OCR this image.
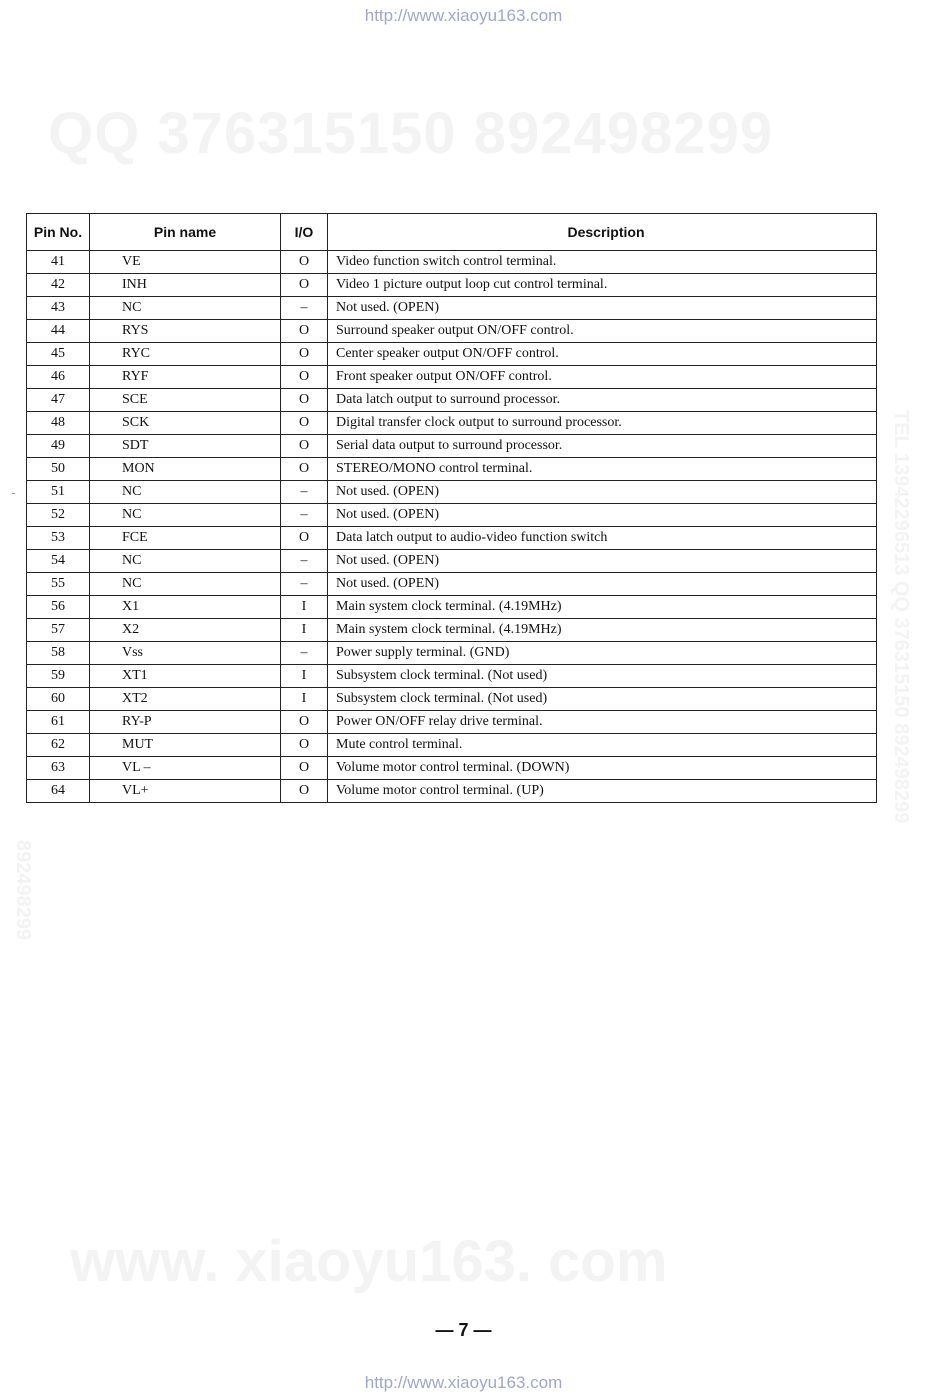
http://www.xiaoyu163.com
QQ 376315150 892498299
TEL 13942296513 QQ 376315150 892498299
892498299
www. xiaoyu163. com
Pin No.	Pin name	I/O	Description
41	VE	O	Video function switch control terminal.
42	INH	O	Video 1 picture output loop cut control terminal.
43	NC	–	Not used. (OPEN)
44	RYS	O	Surround speaker output ON/OFF control.
45	RYC	O	Center speaker output ON/OFF control.
46	RYF	O	Front speaker output ON/OFF control.
47	SCE	O	Data latch output to surround processor.
48	SCK	O	Digital transfer clock output to surround processor.
49	SDT	O	Serial data output to surround processor.
50	MON	O	STEREO/MONO control terminal.
51	NC	–	Not used. (OPEN)
52	NC	–	Not used. (OPEN)
53	FCE	O	Data latch output to audio-video function switch
54	NC	–	Not used. (OPEN)
55	NC	–	Not used. (OPEN)
56	X1	I	Main system clock terminal. (4.19MHz)
57	X2	I	Main system clock terminal. (4.19MHz)
58	Vss	–	Power supply terminal. (GND)
59	XT1	I	Subsystem clock terminal. (Not used)
60	XT2	I	Subsystem clock terminal. (Not used)
61	RY-P	O	Power ON/OFF relay drive terminal.
62	MUT	O	Mute control terminal.
63	VL –	O	Volume motor control terminal. (DOWN)
64	VL+	O	Volume motor control terminal. (UP)
— 7 —
http://www.xiaoyu163.com
